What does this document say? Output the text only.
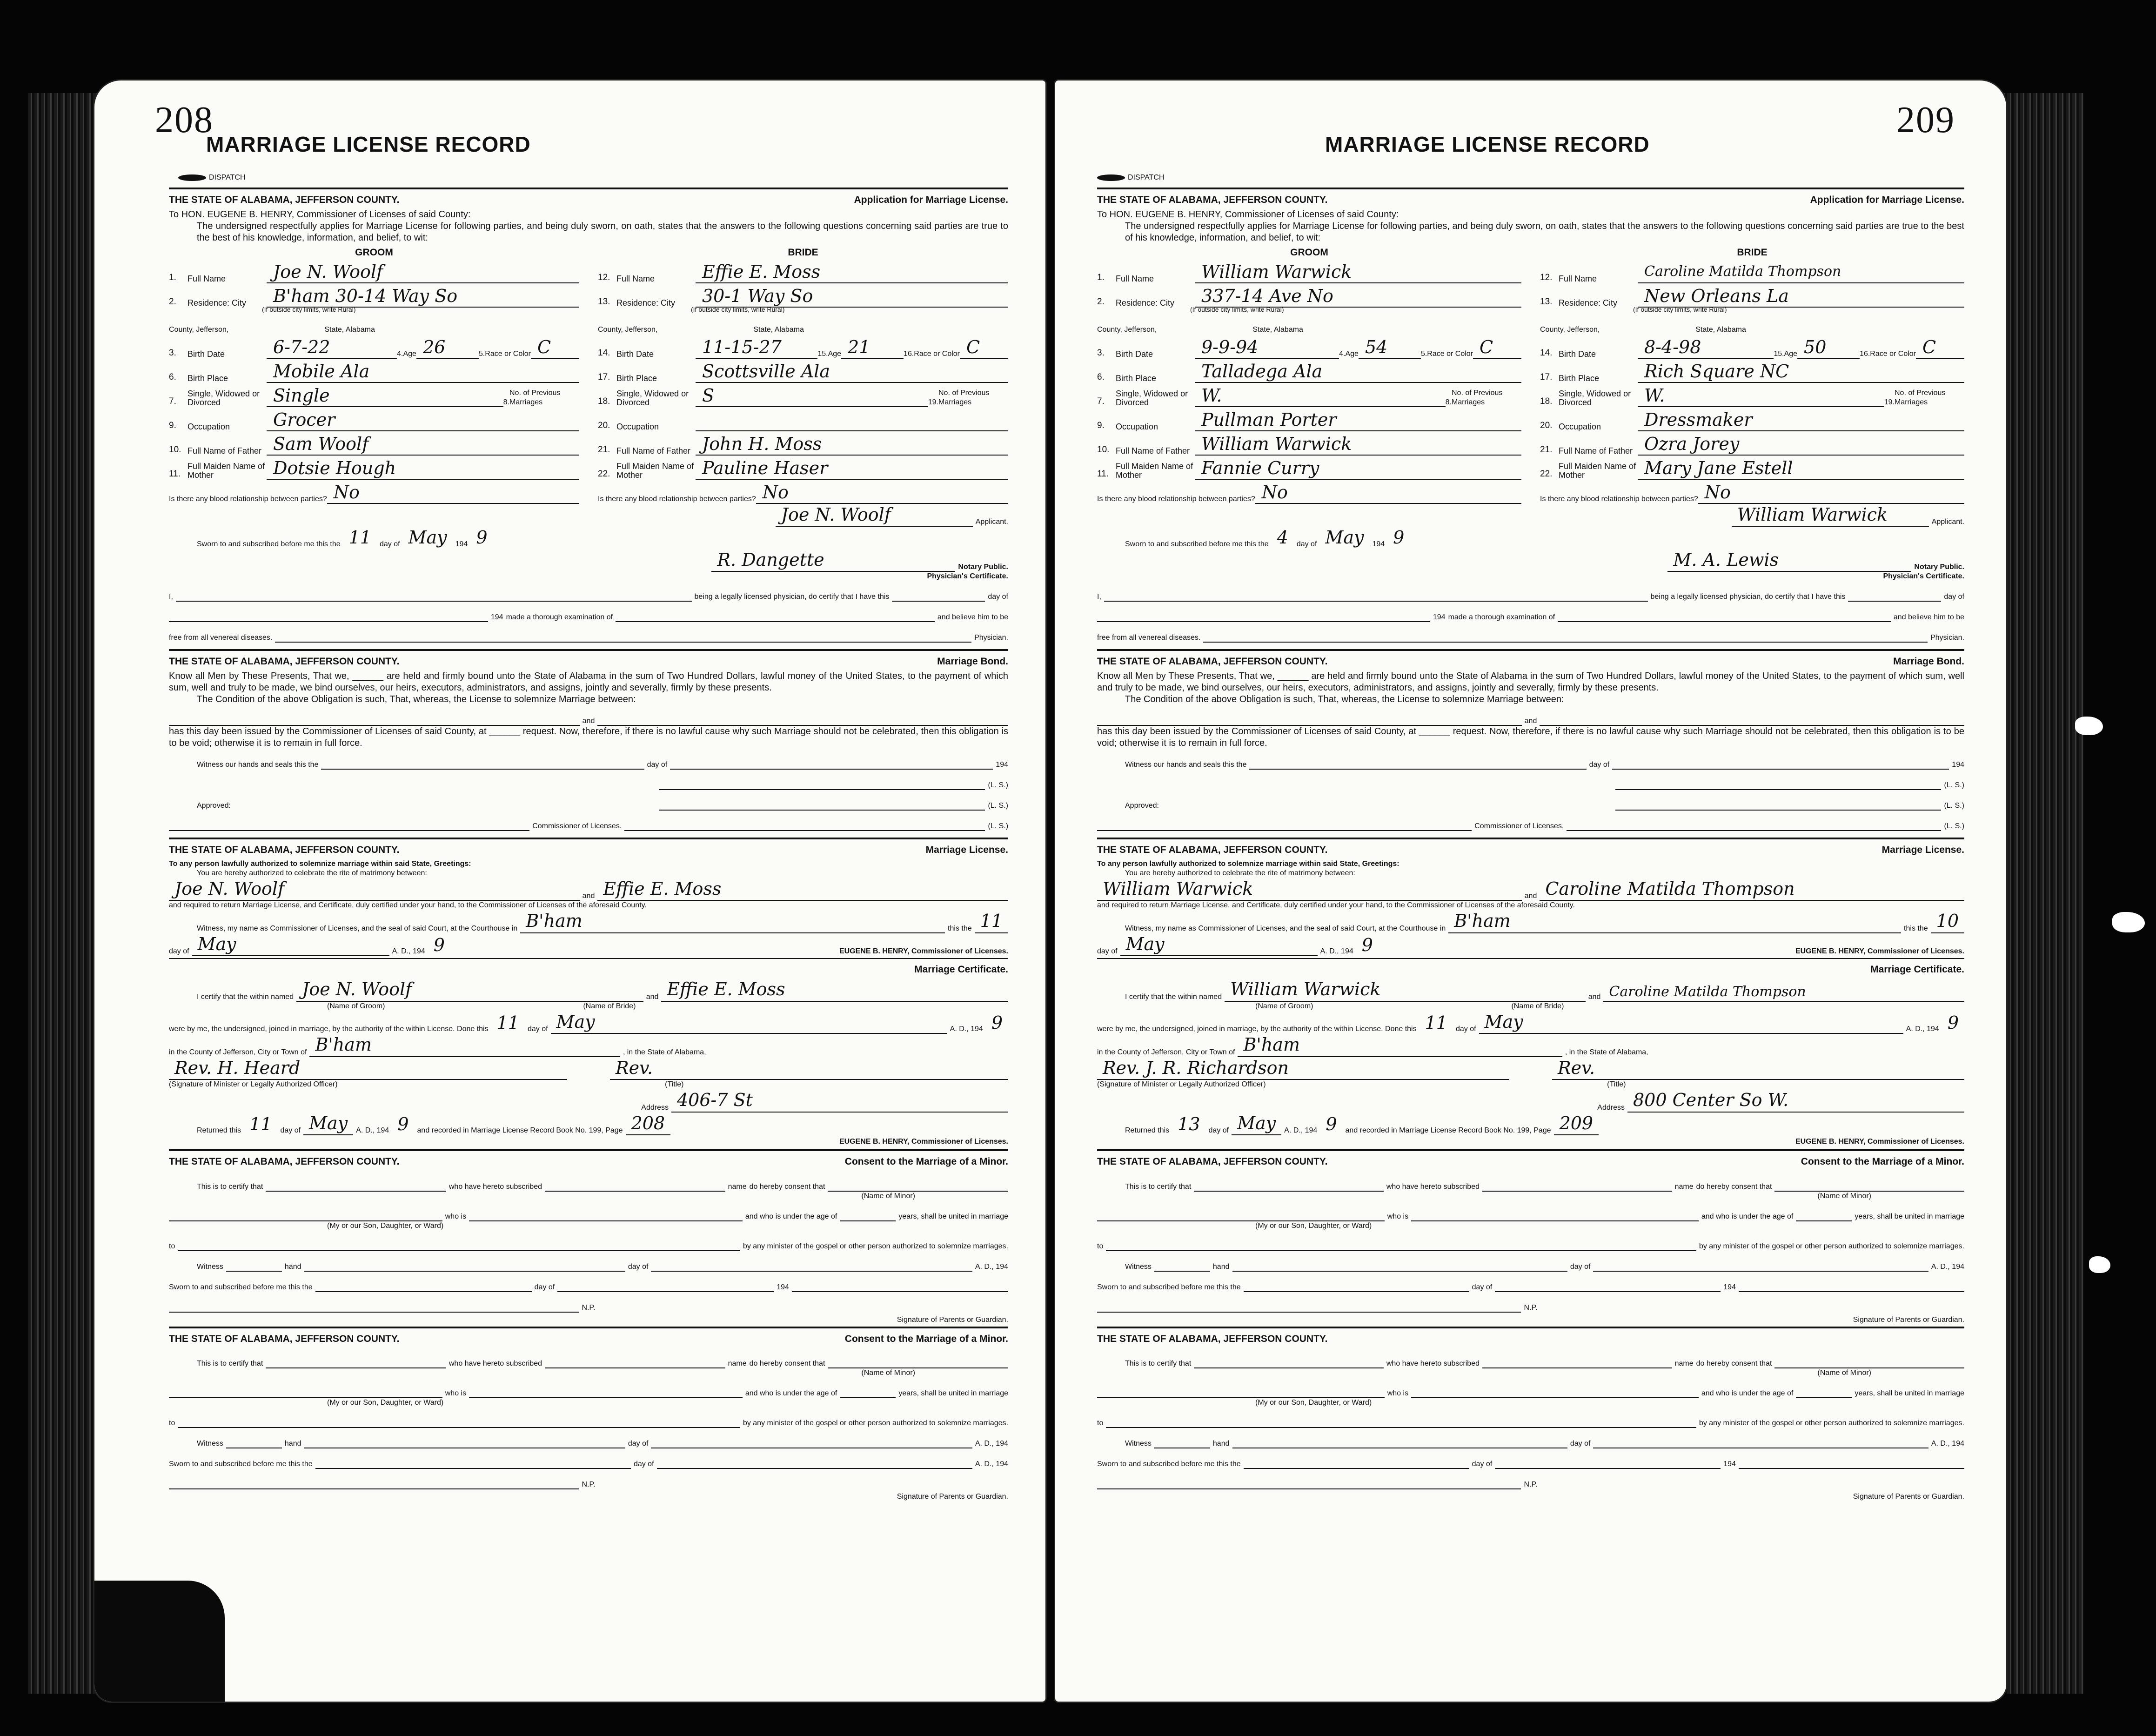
208
MARRIAGE LICENSE RECORD
DISPATCH
THE STATE OF ALABAMA, JEFFERSON COUNTY.	Application for Marriage License.
To HON. EUGENE B. HENRY, Commissioner of Licenses of said County:
The undersigned respectfully applies for Marriage License for following parties, and being duly sworn, on oath, states that the answers to the following questions concerning said parties are true to the best of his knowledge, information, and belief, to wit:
GROOM
1.	Full Name	Joe N. Woolf
2.	Residence: City	B'ham 30-14 Way So
(If outside city limits, write Rural)
County, Jefferson,	State, Alabama
3.	Birth Date	6-7-22	4. Age 26	5. Race or Color C
6.	Birth Place	Mobile Ala
7.
Single, Widowed or Divorced	Single	8.
No. of Previous Marriages
9.	Occupation	Grocer
10. Full Name of Father Sam Woolf
11.
Full Maiden Name of Mother	Dotsie Hough
Is there any blood relationship between parties? No
BRIDE
12. Full Name	Effie E. Moss
13. Residence: City	30-1 Way So
(If outside city limits, write Rural)
County, Jefferson,	State, Alabama
14. Birth Date	11-15-27	15. Age 21	16. Race or Color C
17. Birth Place	Scottsville Ala
18.
Single, Widowed or Divorced	S	19.
No. of Previous Marriages
20. Occupation
21. Full Name of Father John H. Moss
22.
Full Maiden Name of Mother	Pauline Haser
Is there any blood relationship between parties? No
Joe N. Woolf	Applicant.
Sworn to and subscribed before me this the 11	day of May	194 9
R. Dangette	Notary Public.
Physician's Certificate.
I,	being a legally licensed physician, do certify that I have this	day of
194 made a thorough examination of	and believe him to be
free from all venereal diseases.	Physician.
THE STATE OF ALABAMA, JEFFERSON COUNTY.	Marriage Bond.
Know all Men by These Presents, That we, ______ are held and firmly bound unto the State of Alabama in the sum of Two Hundred Dollars, lawful money of the United States, to the payment of which sum, well and truly to be made, we bind ourselves, our heirs, executors, administrators, and assigns, jointly and severally, firmly by these presents.
The Condition of the above Obligation is such, That, whereas, the License to solemnize Marriage between:
and
has this day been issued by the Commissioner of Licenses of said County, at ______ request. Now, therefore, if there is no lawful cause why such Marriage should not be celebrated, then this obligation is to be void; otherwise it is to remain in full force.
Witness our hands and seals this the	day of	194
(L. S.)
Approved:	(L. S.)
Commissioner of Licenses.	(L. S.)
THE STATE OF ALABAMA, JEFFERSON COUNTY.	Marriage License.
To any person lawfully authorized to solemnize marriage within said State, Greetings:
You are hereby authorized to celebrate the rite of matrimony between:
Joe N. Woolf	and Effie E. Moss
and required to return Marriage License, and Certificate, duly certified under your hand, to the Commissioner of Licenses of the aforesaid County.
Witness, my name as Commissioner of Licenses, and the seal of said Court, at the Courthouse in B'ham	this the 11
day of May	A. D., 194 9	EUGENE B. HENRY, Commissioner of Licenses.
Marriage Certificate.
I certify that the within named Joe N. Woolf	and Effie E. Moss
(Name of Groom)	(Name of Bride)
were by me, the undersigned, joined in marriage, by the authority of the within License. Done this 11	day of May	A. D., 194 9
in the County of Jefferson, City or Town of B'ham	, in the State of Alabama,
Rev. H. Heard	Rev.
(Signature of Minister or Legally Authorized Officer)	(Title)
Address 406-7 St
Returned this 11	day of May	A. D., 194 9	and recorded in Marriage License Record Book No. 199, Page 208
EUGENE B. HENRY, Commissioner of Licenses.
THE STATE OF ALABAMA, JEFFERSON COUNTY.	Consent to the Marriage of a Minor.
This is to certify that	who have hereto subscribed	name do hereby consent that
(Name of Minor)
who is	and who is under the age of	years, shall be united in marriage
(My or our Son, Daughter, or Ward)
to	by any minister of the gospel or other person authorized to solemnize marriages.
Witness	hand	day of	A. D., 194
Sworn to and subscribed before me this the	day of	194
N.P.
Signature of Parents or Guardian.
THE STATE OF ALABAMA, JEFFERSON COUNTY.	Consent to the Marriage of a Minor.
This is to certify that	who have hereto subscribed	name do hereby consent that
(Name of Minor)
who is	and who is under the age of	years, shall be united in marriage
(My or our Son, Daughter, or Ward)
to	by any minister of the gospel or other person authorized to solemnize marriages.
Witness	hand	day of	A. D., 194
Sworn to and subscribed before me this the	day of	A. D., 194
N.P.
Signature of Parents or Guardian.
209
MARRIAGE LICENSE RECORD
DISPATCH
THE STATE OF ALABAMA, JEFFERSON COUNTY.	Application for Marriage License.
To HON. EUGENE B. HENRY, Commissioner of Licenses of said County:
The undersigned respectfully applies for Marriage License for following parties, and being duly sworn, on oath, states that the answers to the following questions concerning said parties are true to the best of his knowledge, information, and belief, to wit:
GROOM
1.	Full Name	William Warwick
2.	Residence: City	337-14 Ave No
(If outside city limits, write Rural)
County, Jefferson,	State, Alabama
3.	Birth Date	9-9-94	4. Age 54	5. Race or Color C
6.	Birth Place	Talladega Ala
7.
Single, Widowed or Divorced	W.	8.
No. of Previous Marriages
9.	Occupation	Pullman Porter
10. Full Name of Father William Warwick
11.
Full Maiden Name of Mother	Fannie Curry
Is there any blood relationship between parties? No
BRIDE
12. Full Name	Caroline Matilda Thompson
13. Residence: City	New Orleans La
(If outside city limits, write Rural)
County, Jefferson,	State, Alabama
14. Birth Date	8-4-98	15. Age 50	16. Race or Color C
17. Birth Place	Rich Square NC
18.
Single, Widowed or Divorced	W.	19.
No. of Previous Marriages
20. Occupation	Dressmaker
21. Full Name of Father Ozra Jorey
22.
Full Maiden Name of Mother	Mary Jane Estell
Is there any blood relationship between parties? No
William Warwick	Applicant.
Sworn to and subscribed before me this the 4	day of May	194 9
M. A. Lewis	Notary Public.
Physician's Certificate.
I,	being a legally licensed physician, do certify that I have this	day of
194 made a thorough examination of	and believe him to be
free from all venereal diseases.	Physician.
THE STATE OF ALABAMA, JEFFERSON COUNTY.	Marriage Bond.
Know all Men by These Presents, That we, ______ are held and firmly bound unto the State of Alabama in the sum of Two Hundred Dollars, lawful money of the United States, to the payment of which sum, well and truly to be made, we bind ourselves, our heirs, executors, administrators, and assigns, jointly and severally, firmly by these presents.
The Condition of the above Obligation is such, That, whereas, the License to solemnize Marriage between:
and
has this day been issued by the Commissioner of Licenses of said County, at ______ request. Now, therefore, if there is no lawful cause why such Marriage should not be celebrated, then this obligation is to be void; otherwise it is to remain in full force.
Witness our hands and seals this the	day of	194
(L. S.)
Approved:	(L. S.)
Commissioner of Licenses.	(L. S.)
THE STATE OF ALABAMA, JEFFERSON COUNTY.	Marriage License.
To any person lawfully authorized to solemnize marriage within said State, Greetings:
You are hereby authorized to celebrate the rite of matrimony between:
William Warwick	and Caroline Matilda Thompson
and required to return Marriage License, and Certificate, duly certified under your hand, to the Commissioner of Licenses of the aforesaid County.
Witness, my name as Commissioner of Licenses, and the seal of said Court, at the Courthouse in B'ham	this the 10
day of May	A. D., 194 9	EUGENE B. HENRY, Commissioner of Licenses.
Marriage Certificate.
I certify that the within named William Warwick	and Caroline Matilda Thompson
(Name of Groom)	(Name of Bride)
were by me, the undersigned, joined in marriage, by the authority of the within License. Done this 11	day of May	A. D., 194 9
in the County of Jefferson, City or Town of B'ham	, in the State of Alabama,
Rev. J. R. Richardson	Rev.
(Signature of Minister or Legally Authorized Officer)	(Title)
Address 800 Center So W.
Returned this 13	day of May	A. D., 194 9	and recorded in Marriage License Record Book No. 199, Page 209
EUGENE B. HENRY, Commissioner of Licenses.
THE STATE OF ALABAMA, JEFFERSON COUNTY.	Consent to the Marriage of a Minor.
This is to certify that	who have hereto subscribed	name do hereby consent that
(Name of Minor)
who is	and who is under the age of	years, shall be united in marriage
(My or our Son, Daughter, or Ward)
to	by any minister of the gospel or other person authorized to solemnize marriages.
Witness	hand	day of	A. D., 194
Sworn to and subscribed before me this the	day of	194
N.P.
Signature of Parents or Guardian.
THE STATE OF ALABAMA, JEFFERSON COUNTY.
This is to certify that	who have hereto subscribed	name do hereby consent that
(Name of Minor)
who is	and who is under the age of	years, shall be united in marriage
(My or our Son, Daughter, or Ward)
to	by any minister of the gospel or other person authorized to solemnize marriages.
Witness	hand	day of	A. D., 194
Sworn to and subscribed before me this the	day of	194
N.P.
Signature of Parents or Guardian.
